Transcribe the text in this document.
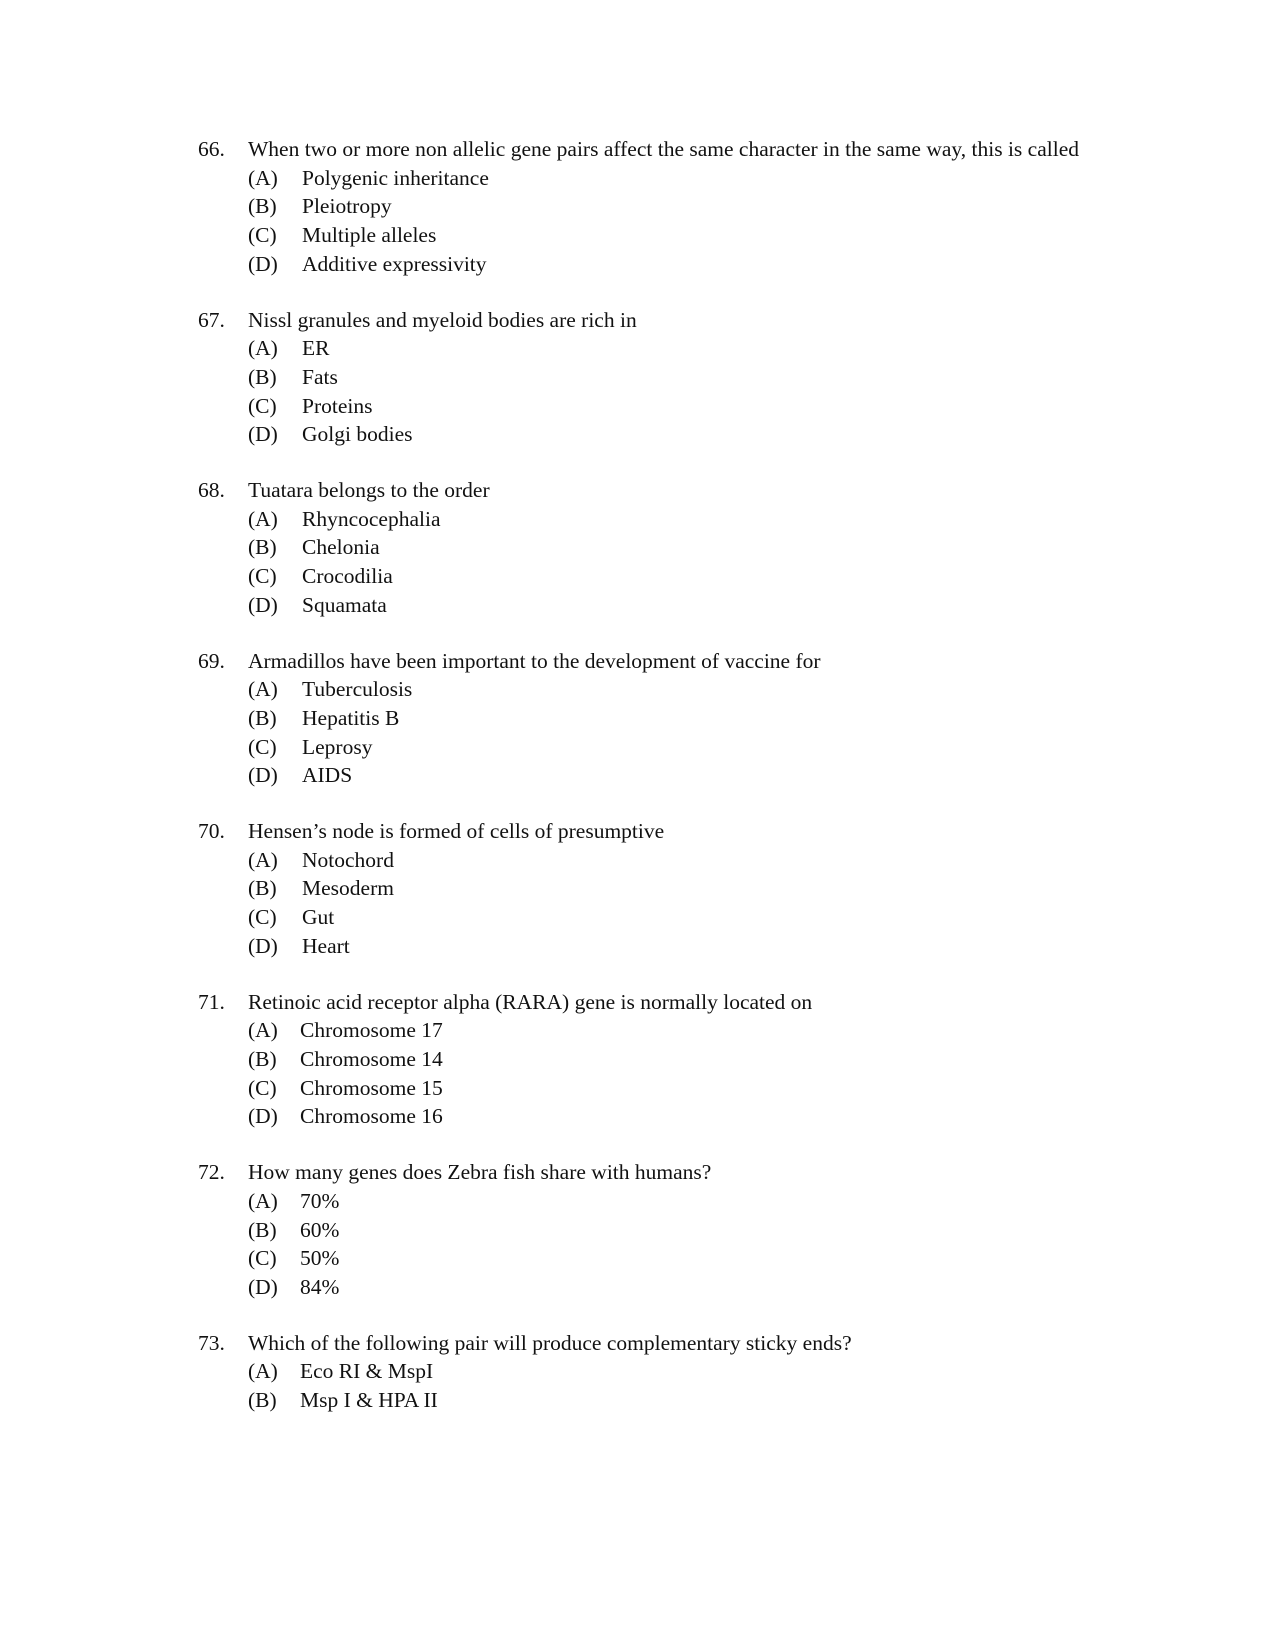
66.	When two or more non allelic gene pairs affect the same character in the same way, this is called
(A)	Polygenic inheritance
(B)	Pleiotropy
(C)	Multiple alleles
(D)	Additive expressivity
67.	Nissl granules and myeloid bodies are rich in
(A)	ER
(B)	Fats
(C)	Proteins
(D)	Golgi bodies
68.	Tuatara belongs to the order
(A)	Rhyncocephalia
(B)	Chelonia
(C)	Crocodilia
(D)	Squamata
69.	Armadillos have been important to the development of vaccine for
(A)	Tuberculosis
(B)	Hepatitis B
(C)	Leprosy
(D)	AIDS
70.	Hensen’s node is formed of cells of presumptive
(A)	Notochord
(B)	Mesoderm
(C)	Gut
(D)	Heart
71.	Retinoic acid receptor alpha (RARA) gene is normally located on
(A)	Chromosome 17
(B)	Chromosome 14
(C)	Chromosome 15
(D)	Chromosome 16
72.	How many genes does Zebra fish share with humans?
(A)	70%
(B)	60%
(C)	50%
(D)	84%
73.	Which of the following pair will produce complementary sticky ends?
(A)	Eco RI & MspI
(B)	Msp I & HPA II
